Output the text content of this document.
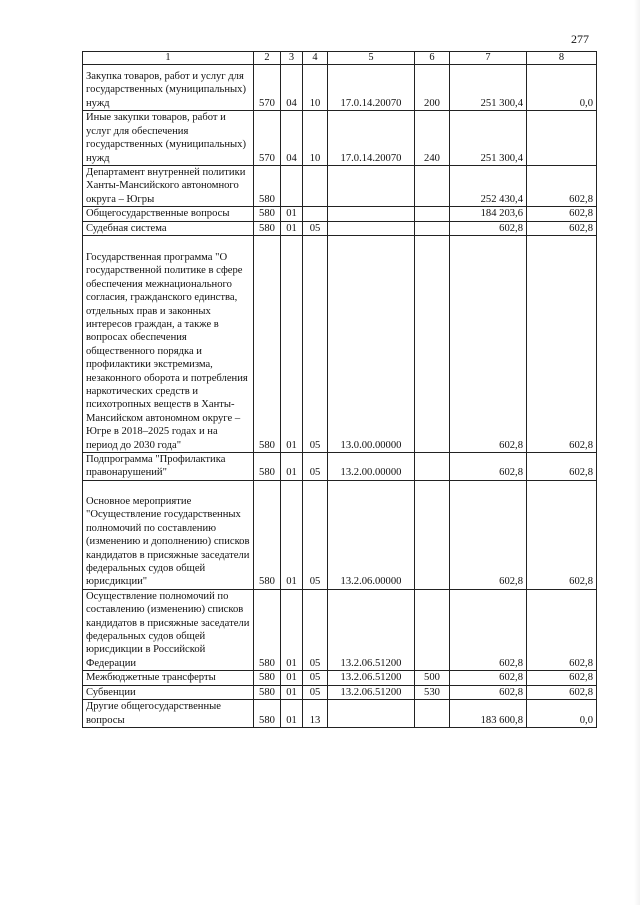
277
1	2	3	4	5	6	7	8
Закупка товаров, работ и услуг для государственных (муниципальных) нужд	570	04	10	17.0.14.20070	200	251 300,4	0,0
Иные закупки товаров, работ и услуг для обеспечения государственных (муниципальных) нужд	570	04	10	17.0.14.20070	240	251 300,4	
Департамент внутренней политики Ханты-Мансийского автономного округа – Югры	580					252 430,4	602,8
Общегосударственные вопросы	580	01				184 203,6	602,8
Судебная система	580	01	05			602,8	602,8
Государственная программа "О государственной политике в сфере обеспечения межнационального согласия, гражданского единства, отдельных прав и законных интересов граждан, а также в вопросах обеспечения общественного порядка и профилактики экстремизма, незаконного оборота и потребления наркотических средств и психотропных веществ в Ханты-Мансийском автономном округе – Югре в 2018–2025 годах и на период до 2030 года"	580	01	05	13.0.00.00000		602,8	602,8
Подпрограмма "Профилактика правонарушений"	580	01	05	13.2.00.00000		602,8	602,8
Основное мероприятие "Осуществление государственных полномочий по составлению (изменению и дополнению) списков кандидатов в присяжные заседатели федеральных судов общей юрисдикции"	580	01	05	13.2.06.00000		602,8	602,8
Осуществление полномочий по составлению (изменению) списков кандидатов в присяжные заседатели федеральных судов общей юрисдикции в Российской Федерации	580	01	05	13.2.06.51200		602,8	602,8
Межбюджетные трансферты	580	01	05	13.2.06.51200	500	602,8	602,8
Субвенции	580	01	05	13.2.06.51200	530	602,8	602,8
Другие общегосударственные вопросы	580	01	13			183 600,8	0,0
